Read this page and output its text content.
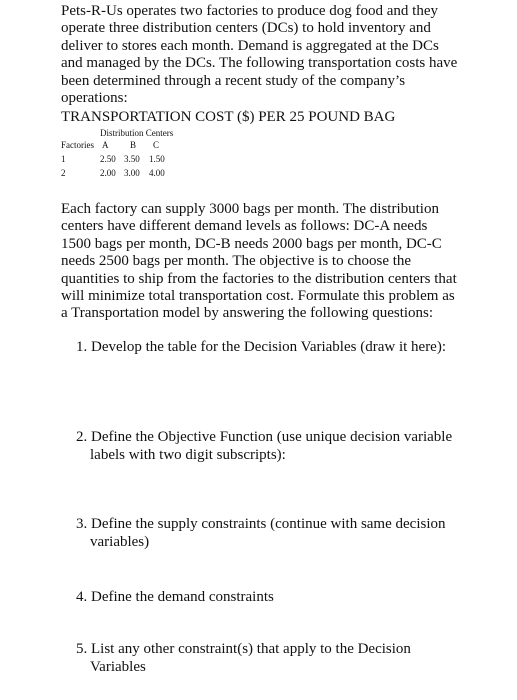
Pets-R-Us operates two factories to produce dog food and they operate three distribution centers (DCs) to hold inventory and deliver to stores each month. Demand is aggregated at the DCs and managed by the DCs. The following transportation costs have been determined through a recent study of the company’s operations:

TRANSPORTATION COST ($) PER 25 POUND BAG

Distribution Centers
Factories A B C
1	2.50 3.50 1.50
2	2.00 3.00 4.00

Each factory can supply 3000 bags per month. The distribution centers have different demand levels as follows: DC-A needs 1500 bags per month, DC-B needs 2000 bags per month, DC-C needs 2500 bags per month. The objective is to choose the quantities to ship from the factories to the distribution centers that will minimize total transportation cost. Formulate this problem as a Transportation model by answering the following questions:

1. Develop the table for the Decision Variables (draw it here):

2. Define the Objective Function (use unique decision variable labels with two digit subscripts):

3. Define the supply constraints (continue with same decision variables)

4. Define the demand constraints

5. List any other constraint(s) that apply to the Decision Variables
